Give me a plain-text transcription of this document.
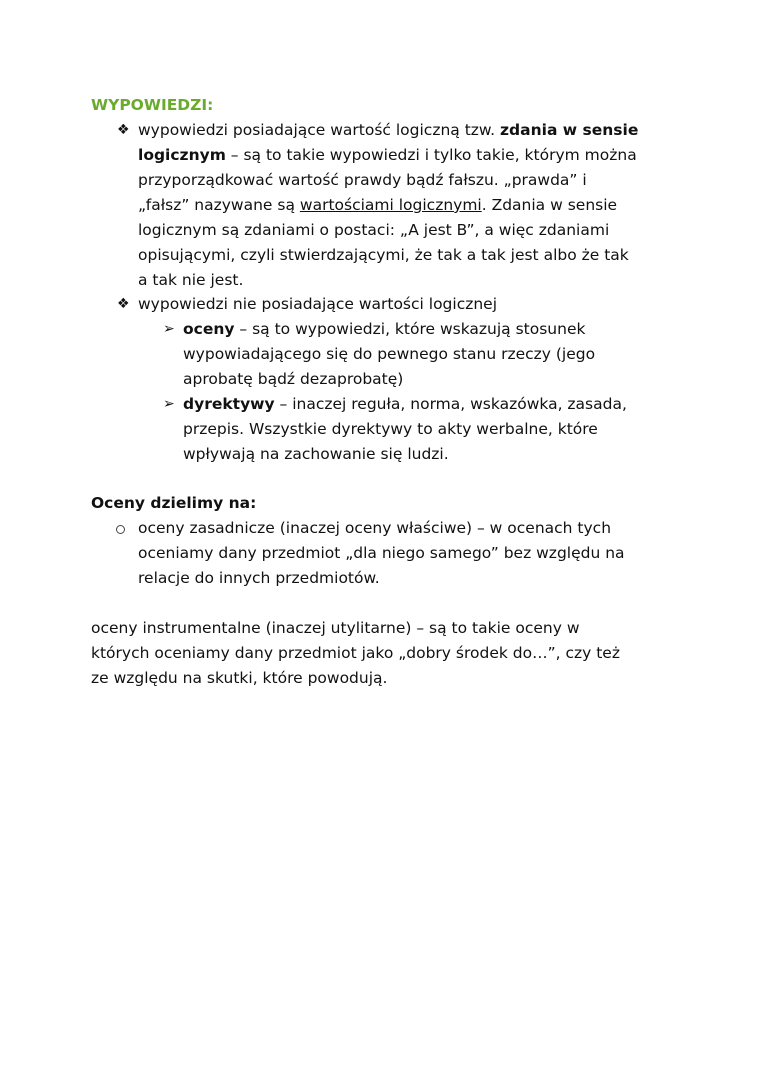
WYPOWIEDZI:
❖ wypowiedzi posiadające wartość logiczną tzw. zdania w sensie
logicznym – są to takie wypowiedzi i tylko takie, którym można
przyporządkować wartość prawdy bądź fałszu. „prawda” i
„fałsz” nazywane są wartościami logicznymi. Zdania w sensie
logicznym są zdaniami o postaci: „A jest B”, a więc zdaniami
opisującymi, czyli stwierdzającymi, że tak a tak jest albo że tak
a tak nie jest.
❖ wypowiedzi nie posiadające wartości logicznej
➢ oceny – są to wypowiedzi, które wskazują stosunek
wypowiadającego się do pewnego stanu rzeczy (jego
aprobatę bądź dezaprobatę)
➢ dyrektywy – inaczej reguła, norma, wskazówka, zasada,
przepis. Wszystkie dyrektywy to akty werbalne, które
wpływają na zachowanie się ludzi.
Oceny dzielimy na:
oceny zasadnicze (inaczej oceny właściwe) – w ocenach tych
oceniamy dany przedmiot „dla niego samego” bez względu na
relacje do innych przedmiotów.
oceny instrumentalne (inaczej utylitarne) – są to takie oceny w
których oceniamy dany przedmiot jako „dobry środek do…”, czy też
ze względu na skutki, które powodują.
